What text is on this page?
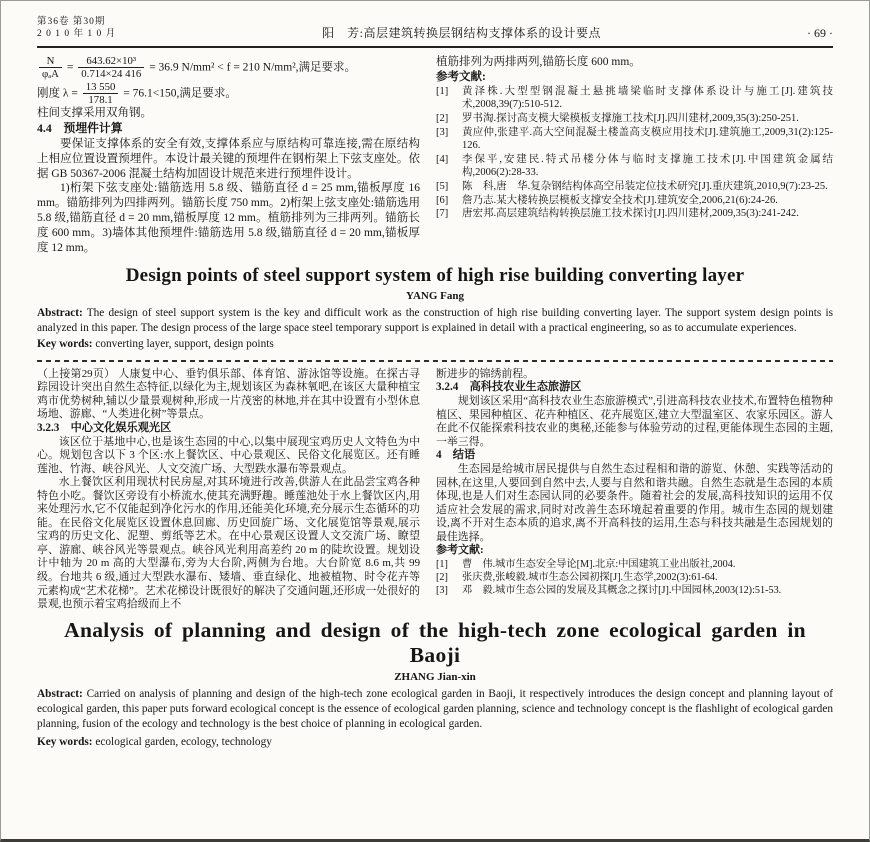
第36卷 第30期
2 0 1 0 年 1 0 月	阳　芳:高层建筑转换层钢结构支撑体系的设计要点	· 69 ·

$\frac{N}{\text{φₐA}} = \frac{\text{643.62×10³}}{0.714\times 24 416} = 36.9$ N/mm² < f = 210 N/mm²,满足要求。

刚度 $\lambda = \frac{13 550}{178.1} = 76.1<150$,满足要求。

柱间支撑采用双角钢。

4.4　预埋件计算

要保证支撑体系的安全有效,支撑体系应与原结构可靠连接,需在原结构上相应位置设置预埋件。本设计最关键的预埋件在钢桁架上下弦支座处。依据 GB 50367-2006 混凝土结构加固设计规范来进行预埋件设计。

1)桁架下弦支座处:锚筋选用 5.8 级、锚筋直径 d = 25 mm,锚板厚度 16 mm。锚筋排列为四排两列。锚筋长度 750 mm。2)桁架上弦支座处:锚筋选用 5.8 级,锚筋直径 d = 20 mm,锚板厚度 12 mm。植筋排列为三排两列。锚筋长度 600 mm。3)墙体其他预埋件:锚筋选用 5.8 级,锚筋直径 d = 20 mm,锚板厚度 12 mm。

植筋排列为两排两列,锚筋长度 600 mm。

参考文献:

[1]	黄泽株.大型型钢混凝土悬挑墙梁临时支撑体系设计与施工[J].建筑技术,2008,39(7):510-512.
[2]	罗书淘.探讨高支模大梁模板支撑施工技术[J].四川建材,2009,35(3):250-251.
[3]	黄应仲,张建平.高大空间混凝土楼盖高支模应用技术[J].建筑施工,2009,31(2):125-126.
[4]	李保平,安建民.特式吊楼分体与临时支撑施工技术[J].中国建筑金属结构,2006(2):28-33.
[5]	陈　科,唐　华.复杂钢结构体高空吊装定位技术研究[J].重庆建筑,2010,9(7):23-25.
[6]	詹乃志.某大楼转换层模板支撑安全技术[J].建筑安全,2006,21(6):24-26.
[7]	唐宏邦.高层建筑结构转换层施工技术探讨[J].四川建材,2009,35(3):241-242.
Design points of steel support system of high rise building converting layer
YANG Fang

Abstract: The design of steel support system is the key and difficult work as the construction of high rise building converting layer. The support system design points is analyzed in this paper. The design process of the large space steel temporary support is explained in detail with a practical engineering, so as to accumulate experiences.

Key words: converting layer, support, design points

（上接第29页） 人康复中心、垂钓俱乐部、体育馆、游泳馆等设施。在探古寻踪园设计突出自然生态特征,以绿化为主,规划该区为森林氧吧,在该区大量种植宝鸡市优势树种,辅以少量景观树种,形成一片茂密的林地,并在其中设置有小型休息场地、游廊、“人类进化树”等景点。

3.2.3　中心文化娱乐观光区

该区位于基地中心,也是该生态园的中心,以集中展现宝鸡历史人文特色为中心。规划包含以下 3 个区:水上餐饮区、中心景观区、民俗文化展览区。还有睡莲池、竹海、峡谷风光、人文交流广场、大型跌水瀑布等景观点。

水上餐饮区利用现状村民房屋,对其环境进行改善,供游人在此品尝宝鸡各种特色小吃。餐饮区旁设有小桥流水,使其充满野趣。睡莲池处于水上餐饮区内,用来处理污水,它不仅能起到净化污水的作用,还能美化环境,充分展示生态循环的功能。在民俗文化展览区设置休息回廊、历史回旋广场、文化展览馆等景观,展示宝鸡的历史文化、泥塑、剪纸等艺术。在中心景观区设置人文交流广场、瞭望亭、游廊、峡谷风光等景观点。峡谷风光利用高差约 20 m 的陡坎设置。规划设计中轴为 20 m 高的大型瀑布,旁为大台阶,两侧为台地。大台阶宽 8.6 m,共 99 级。台地共 6 级,通过大型跌水瀑布、矮墙、垂直绿化、地被植物、时令花卉等元素构成“艺术花梯”。艺术花梯设计既很好的解决了交通问题,还形成一处很好的景观,也预示着宝鸡拾级而上不

断进步的锦绣前程。

3.2.4　高科技农业生态旅游区

规划该区采用“高科技农业生态旅游模式”,引进高科技农业技术,布置特色植物种植区、果园种植区、花卉种植区、花卉展览区,建立大型温室区、农家乐园区。游人在此不仅能探索科技农业的奥秘,还能参与体验劳动的过程,更能体现生态园的主题,一举三得。

4　结语

生态园是给城市居民提供与自然生态过程相和谐的游览、休憩、实践等活动的园林,在这里,人要回到自然中去,人要与自然和谐共融。自然生态就是生态园的本质体现,也是人们对生态园认同的必要条件。随着社会的发展,高科技知识的运用不仅适应社会发展的需求,同时对改善生态环境起着重要的作用。城市生态园的规划建设,离不开对生态本质的追求,离不开高科技的运用,生态与科技共融是生态园规划的最佳选择。

参考文献:

[1]	曹　伟.城市生态安全导论[M].北京:中国建筑工业出版社,2004.
[2]	张庆费,张峻毅.城市生态公园初探[J].生态学,2002(3):61-64.
[3]	邓　毅.城市生态公园的发展及其概念之探讨[J].中国园林,2003(12):51-53.
Analysis of planning and design of the high-tech zone ecological garden in Baoji
ZHANG Jian-xin

Abstract: Carried on analysis of planning and design of the high-tech zone ecological garden in Baoji, it respectively introduces the design concept and planning layout of ecological garden, this paper puts forward ecological concept is the essence of ecological garden planning, science and technology concept is the flashlight of ecological garden planning, fusion of the ecology and technology is the best choice of planning in ecological garden.

Key words: ecological garden, ecology, technology
